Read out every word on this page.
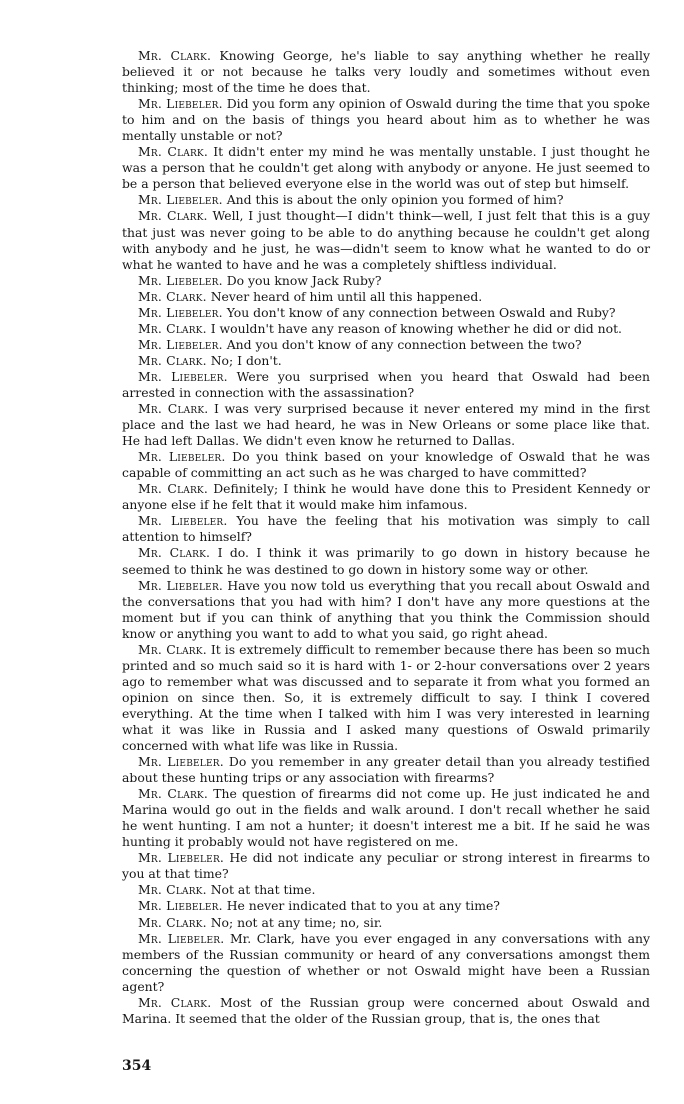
Mr. Clark. Knowing George, he's liable to say anything whether he really believed it or not because he talks very loudly and sometimes without even thinking; most of the time he does that.

Mr. Liebeler. Did you form any opinion of Oswald during the time that you spoke to him and on the basis of things you heard about him as to whether he was mentally unstable or not?

Mr. Clark. It didn't enter my mind he was mentally unstable. I just thought he was a person that he couldn't get along with anybody or anyone. He just seemed to be a person that believed everyone else in the world was out of step but himself.

Mr. Liebeler. And this is about the only opinion you formed of him?

Mr. Clark. Well, I just thought—I didn't think—well, I just felt that this is a guy that just was never going to be able to do anything because he couldn't get along with anybody and he just, he was—didn't seem to know what he wanted to do or what he wanted to have and he was a completely shiftless individual.

Mr. Liebeler. Do you know Jack Ruby?

Mr. Clark. Never heard of him until all this happened.

Mr. Liebeler. You don't know of any connection between Oswald and Ruby?

Mr. Clark. I wouldn't have any reason of knowing whether he did or did not.

Mr. Liebeler. And you don't know of any connection between the two?

Mr. Clark. No; I don't.

Mr. Liebeler. Were you surprised when you heard that Oswald had been arrested in connection with the assassination?

Mr. Clark. I was very surprised because it never entered my mind in the first place and the last we had heard, he was in New Orleans or some place like that. He had left Dallas. We didn't even know he returned to Dallas.

Mr. Liebeler. Do you think based on your knowledge of Oswald that he was capable of committing an act such as he was charged to have committed?

Mr. Clark. Definitely; I think he would have done this to President Kennedy or anyone else if he felt that it would make him infamous.

Mr. Liebeler. You have the feeling that his motivation was simply to call attention to himself?

Mr. Clark. I do. I think it was primarily to go down in history because he seemed to think he was destined to go down in history some way or other.

Mr. Liebeler. Have you now told us everything that you recall about Oswald and the conversations that you had with him? I don't have any more questions at the moment but if you can think of anything that you think the Commission should know or anything you want to add to what you said, go right ahead.

Mr. Clark. It is extremely difficult to remember because there has been so much printed and so much said so it is hard with 1- or 2-hour conversations over 2 years ago to remember what was discussed and to separate it from what you formed an opinion on since then. So, it is extremely difficult to say. I think I covered everything. At the time when I talked with him I was very interested in learning what it was like in Russia and I asked many questions of Oswald primarily concerned with what life was like in Russia.

Mr. Liebeler. Do you remember in any greater detail than you already testified about these hunting trips or any association with firearms?

Mr. Clark. The question of firearms did not come up. He just indicated he and Marina would go out in the fields and walk around. I don't recall whether he said he went hunting. I am not a hunter; it doesn't interest me a bit. If he said he was hunting it probably would not have registered on me.

Mr. Liebeler. He did not indicate any peculiar or strong interest in firearms to you at that time?

Mr. Clark. Not at that time.

Mr. Liebeler. He never indicated that to you at any time?

Mr. Clark. No; not at any time; no, sir.

Mr. Liebeler. Mr. Clark, have you ever engaged in any conversations with any members of the Russian community or heard of any conversations amongst them concerning the question of whether or not Oswald might have been a Russian agent?

Mr. Clark. Most of the Russian group were concerned about Oswald and Marina. It seemed that the older of the Russian group, that is, the ones that

354
